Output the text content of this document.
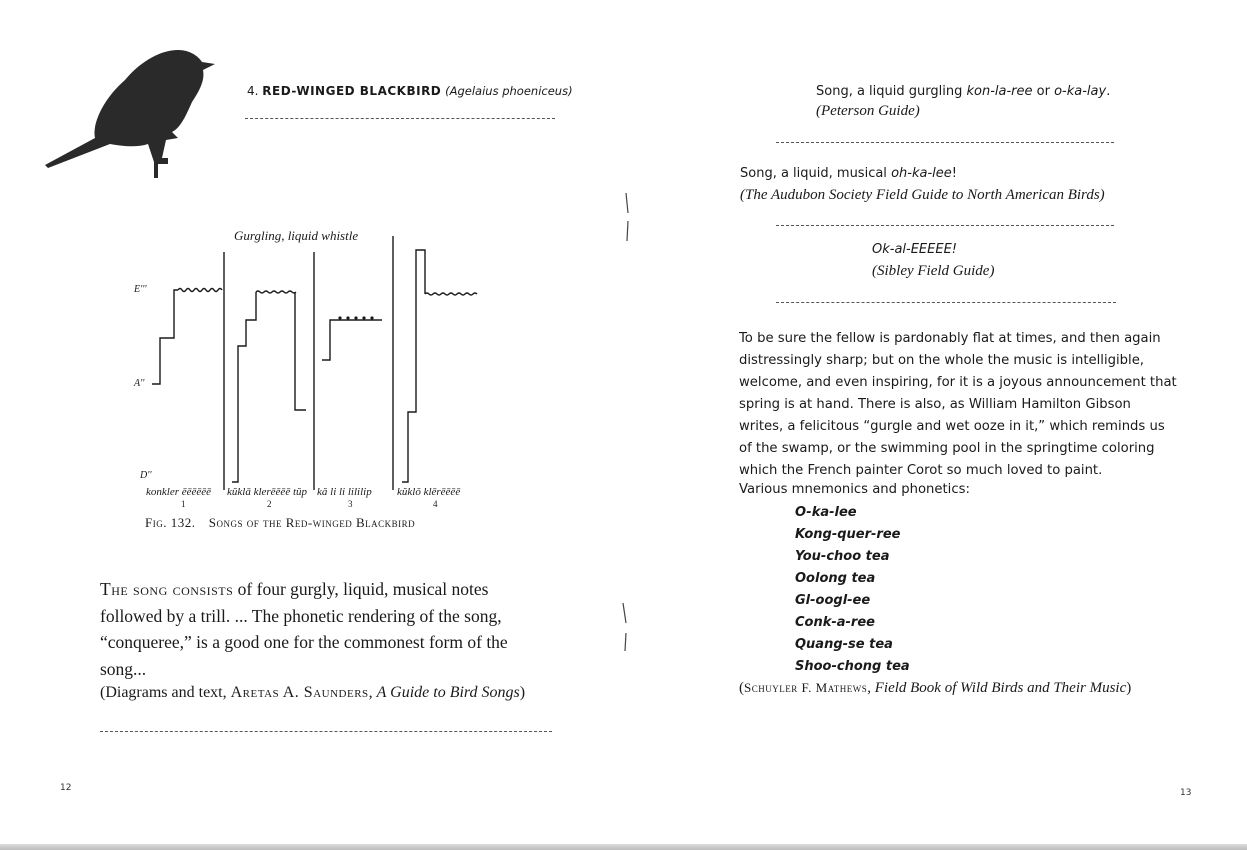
4. RED-WINGED BLACKBIRD (Agelaius phoeniceus)
Gurgling, liquid whistle
E'''
A''
D''
konkler ēēēēēē kŭklā klerēēēē tŭp kă li li lililip kŭklŏ klērēēēē
1	2	3	4
Fig. 132. Songs of the Red-winged Blackbird
The song consists of four gurgly, liquid, musical notes followed by a trill. ... The phonetic rendering of the song, “conqueree,” is a good one for the commonest form of the song...
(Diagrams and text, Aretas A. Saunders, A Guide to Bird Songs)
12
Song, a liquid gurgling kon-la-ree or o-ka-lay.
(Peterson Guide)
Song, a liquid, musical oh-ka-lee!
(The Audubon Society Field Guide to North American Birds)
Ok-al-EEEEE!
(Sibley Field Guide)
To be sure the fellow is pardonably flat at times, and then again distressingly sharp; but on the whole the music is intelligible, welcome, and even inspiring, for it is a joyous announcement that spring is at hand. There is also, as William Hamilton Gibson writes, a felicitous “gurgle and wet ooze in it,” which reminds us of the swamp, or the swimming pool in the springtime coloring which the French painter Corot so much loved to paint.
Various mnemonics and phonetics:
O-ka-lee
Kong-quer-ree
You-choo tea
Oolong tea
Gl-oogl-ee
Conk-a-ree
Quang-se tea
Shoo-chong tea
(Schuyler F. Mathews, Field Book of Wild Birds and Their Music)
13
